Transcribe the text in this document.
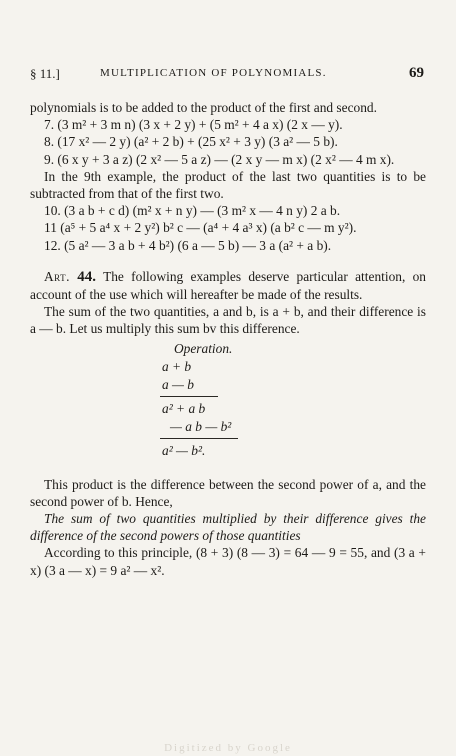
§ 11.]	MULTIPLICATION OF POLYNOMIALS.	69

polynomials is to be added to the product of the first and second.

7. (3 m² + 3 m n) (3 x + 2 y) + (5 m² + 4 a x) (2 x — y).

8. (17 x² — 2 y) (a² + 2 b) + (25 x² + 3 y) (3 a² — 5 b).

9. (6 x y + 3 a z) (2 x² — 5 a z) — (2 x y — m x) (2 x² — 4 m x).

In the 9th example, the product of the last two quantities is to be subtracted from that of the first two.

10. (3 a b + c d) (m² x + n y) — (3 m² x — 4 n y) 2 a b.

11 (a⁵ + 5 a⁴ x + 2 y²) b² c — (a⁴ + 4 a³ x) (a b² c — m y²).

12. (5 a² — 3 a b + 4 b²) (6 a — 5 b) — 3 a (a² + a b).

Art. 44. The following examples deserve particular attention, on account of the use which will hereafter be made of the results.

The sum of the two quantities, a and b, is a + b, and their difference is a — b. Let us multiply this sum bv this difference.

Operation.
a + b
a — b
a² + a b
— a b — b²
a² — b².

This product is the difference between the second power of a, and the second power of b. Hence,

The sum of two quantities multiplied by their difference gives the difference of the second powers of those quantities

According to this principle, (8 + 3) (8 — 3) = 64 — 9 = 55, and (3 a + x) (3 a — x) = 9 a² — x².

Digitized by Google
